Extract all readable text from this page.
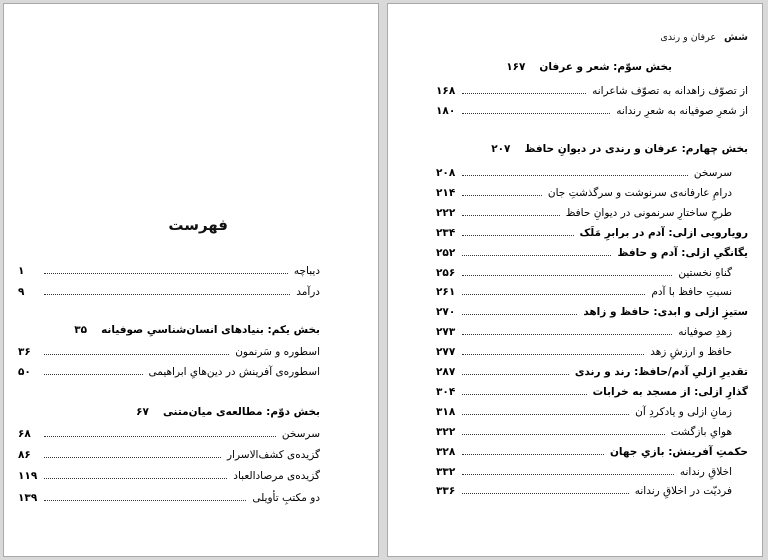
فهرست
دیباچه
۱
درآمد
۹
بخش یکم: بنیادهای انسان‌شناسیِ صوفیانه
۳۵
اسطوره و سَرنمون
۳۶
اسطوره‌ی آفرینش در دین‌هایِ ابراهیمی
۵۰
بخش دوّم: مطالعه‌ی میان‌متنی
۶۷
سرسخن
۶۸
گزیده‌ی کشف‌الاسرار
۸۶
گزیده‌ی مرصادالعباد
۱۱۹
دو مکتبِ تأویلی
۱۳۹
شش
عرفان و رندی
بخش سوّم: شعر و عرفان
۱۶۷
از تصوّف زاهدانه به تصوّف شاعرانه
۱۶۸
از شعرِ صوفیانه به شعرِ رندانه
۱۸۰
بخش چهارم: عرفان و رندی در دیوانِ حافظ
۲۰۷
سرسخن
۲۰۸
درامِ عارفانه‌ی سرنوشت و سرگذشتِ جان
۲۱۴
طرحِ ساختارِ سرنمونی در دیوانِ حافظ
۲۲۲
رویارویی ازلی: آدم در برابرِ مَلَک
۲۳۴
یگانگیِ ازلی: آدم و حافظ
۲۵۲
گناهِ نخستین
۲۵۶
نسبتِ حافظ با آدم
۲۶۱
ستیزِ ازلی و ابدی: حافظ و زاهد
۲۷۰
زهدِ صوفیانه
۲۷۳
حافظ و ارزشِ زهد
۲۷۷
تقدیرِ ازلیِ آدم/حافظ: رند و رندی
۲۸۷
گذارِ ازلی: از مسجد به خرابات
۳۰۴
زمانِ ازلی و یادکردِ آن
۳۱۸
هوایِ بازگشت
۳۲۲
حکمتِ آفرینش: بازیِ جهان
۳۲۸
اخلاقِ رندانه
۳۳۲
فردیّت در اخلاقِ رندانه
۳۳۶
